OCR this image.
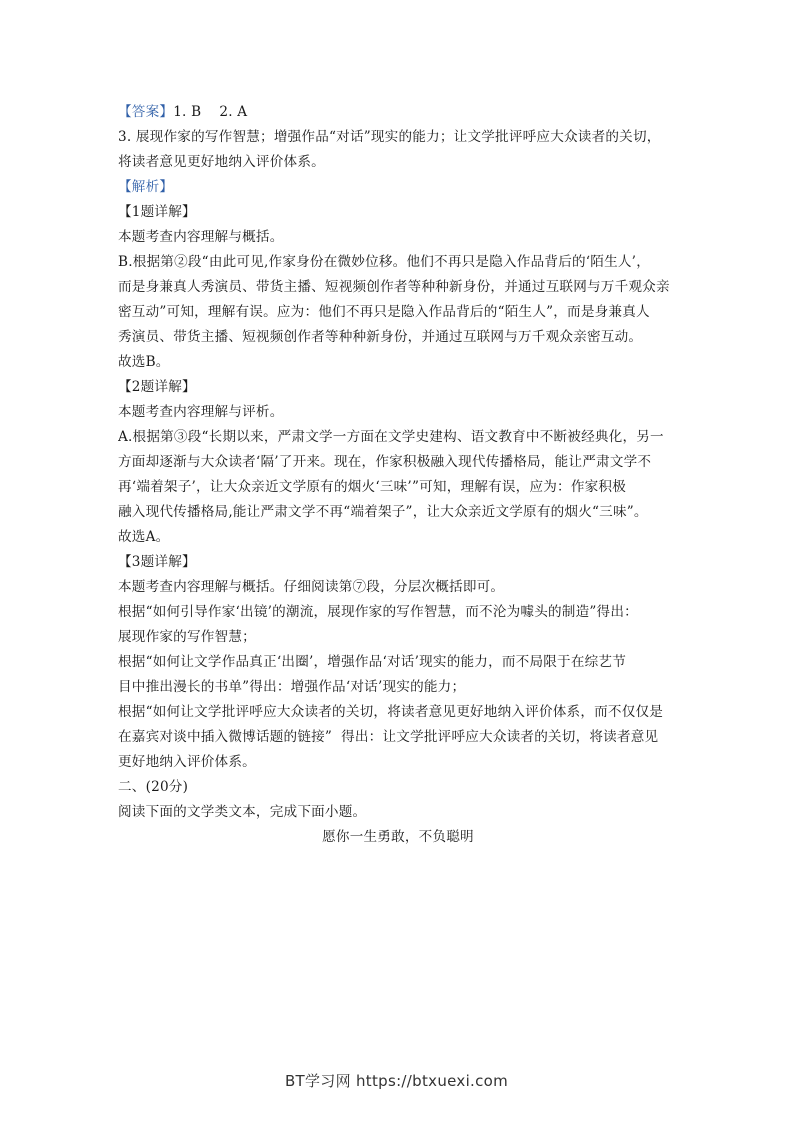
【答案】1. B    2. A
3. 展现作家的写作智慧；增强作品“对话”现实的能力；让文学批评呼应大众读者的关切，
将读者意见更好地纳入评价体系。
【解析】
【1题详解】
本题考查内容理解与概括。
B.根据第②段“由此可见,作家身份在微妙位移。他们不再只是隐入作品背后的‘陌生人’，
而是身兼真人秀演员、带货主播、短视频创作者等种种新身份，并通过互联网与万千观众亲
密互动”可知，理解有误。应为：他们不再只是隐入作品背后的“陌生人”，而是身兼真人
秀演员、带货主播、短视频创作者等种种新身份，并通过互联网与万千观众亲密互动。
故选B。
【2题详解】
本题考查内容理解与评析。
A.根据第③段“长期以来，严肃文学一方面在文学史建构、语文教育中不断被经典化，另一
方面却逐渐与大众读者‘隔’了开来。现在，作家积极融入现代传播格局，能让严肃文学不
再‘端着架子’，让大众亲近文学原有的烟火‘三味’”可知，理解有误，应为：作家积极
融入现代传播格局,能让严肃文学不再“端着架子”，让大众亲近文学原有的烟火“三味”。
故选A。
【3题详解】
本题考查内容理解与概括。仔细阅读第⑦段，分层次概括即可。
根据“如何引导作家‘出镜’的潮流，展现作家的写作智慧，而不沦为噱头的制造”得出：
展现作家的写作智慧；
根据“如何让文学作品真正‘出圈’，增强作品‘对话’现实的能力，而不局限于在综艺节
目中推出漫长的书单”得出：增强作品‘对话’现实的能力；
根据“如何让文学批评呼应大众读者的关切，将读者意见更好地纳入评价体系，而不仅仅是
在嘉宾对谈中插入微博话题的链接”  得出：让文学批评呼应大众读者的关切，将读者意见
更好地纳入评价体系。
二、(20分)
阅读下面的文学类文本，完成下面小题。
愿你一生勇敢，不负聪明
BT学习网 https://btxuexi.com
